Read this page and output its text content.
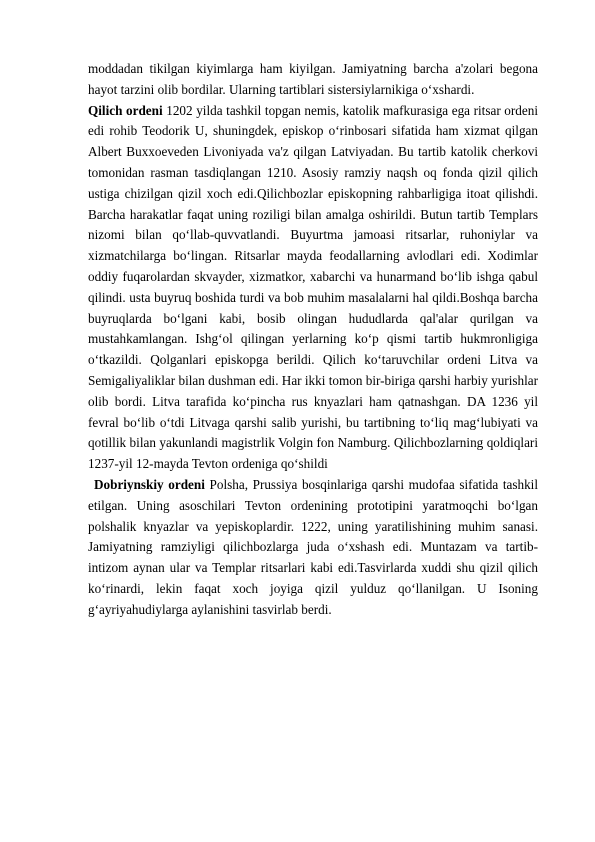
moddadan tikilgan kiyimlarga ham kiyilgan. Jamiyatning barcha a'zolari begona hayot tarzini olib bordilar. Ularning tartiblari sistersiylarnikiga o‘xshardi.

Qilich ordeni 1202 yilda tashkil topgan nemis, katolik mafkurasiga ega ritsar ordeni edi rohib Teodorik U, shuningdek, episkop o‘rinbosari sifatida ham xizmat qilgan Albert Buxxoeveden Livoniyada va'z qilgan Latviyadan. Bu tartib katolik cherkovi tomonidan rasman tasdiqlangan 1210. Asosiy ramziy naqsh oq fonda qizil qilich ustiga chizilgan qizil xoch edi.Qilichbozlar episkopning rahbarligiga itoat qilishdi. Barcha harakatlar faqat uning roziligi bilan amalga oshirildi. Butun tartib Templars nizomi bilan qo‘llab-quvvatlandi. Buyurtma jamoasi ritsarlar, ruhoniylar va xizmatchilarga bo‘lingan. Ritsarlar mayda feodallarning avlodlari edi. Xodimlar oddiy fuqarolardan skvayder, xizmatkor, xabarchi va hunarmand bo‘lib ishga qabul qilindi. usta buyruq boshida turdi va bob muhim masalalarni hal qildi.Boshqa barcha buyruqlarda bo‘lgani kabi, bosib olingan hududlarda qal'alar qurilgan va mustahkamlangan. Ishg‘ol qilingan yerlarning ko‘p qismi tartib hukmronligiga o‘tkazildi. Qolganlari episkopga berildi. Qilich ko‘taruvchilar ordeni Litva va Semigaliyaliklar bilan dushman edi. Har ikki tomon bir-biriga qarshi harbiy yurishlar olib bordi. Litva tarafida ko‘pincha rus knyazlari ham qatnashgan. DA 1236 yil fevral bo‘lib o‘tdi Litvaga qarshi salib yurishi, bu tartibning to‘liq mag‘lubiyati va qotillik bilan yakunlandi magistrlik Volgin fon Namburg. Qilichbozlarning qoldiqlari 1237-yil 12-mayda Tevton ordeniga qo‘shildi

Dobriynskiy ordeni Polsha, Prussiya bosqinlariga qarshi mudofaa sifatida tashkil etilgan. Uning asoschilari Tevton ordenining prototipini yaratmoqchi bo‘lgan polshalik knyazlar va yepiskoplardir. 1222, uning yaratilishining muhim sanasi. Jamiyatning ramziyligi qilichbozlarga juda o‘xshash edi. Muntazam va tartib-intizom aynan ular va Templar ritsarlari kabi edi.Tasvirlarda xuddi shu qizil qilich ko‘rinardi, lekin faqat xoch joyiga qizil yulduz qo‘llanilgan. U Isoning g‘ayriyahudiylarga aylanishini tasvirlab berdi.
